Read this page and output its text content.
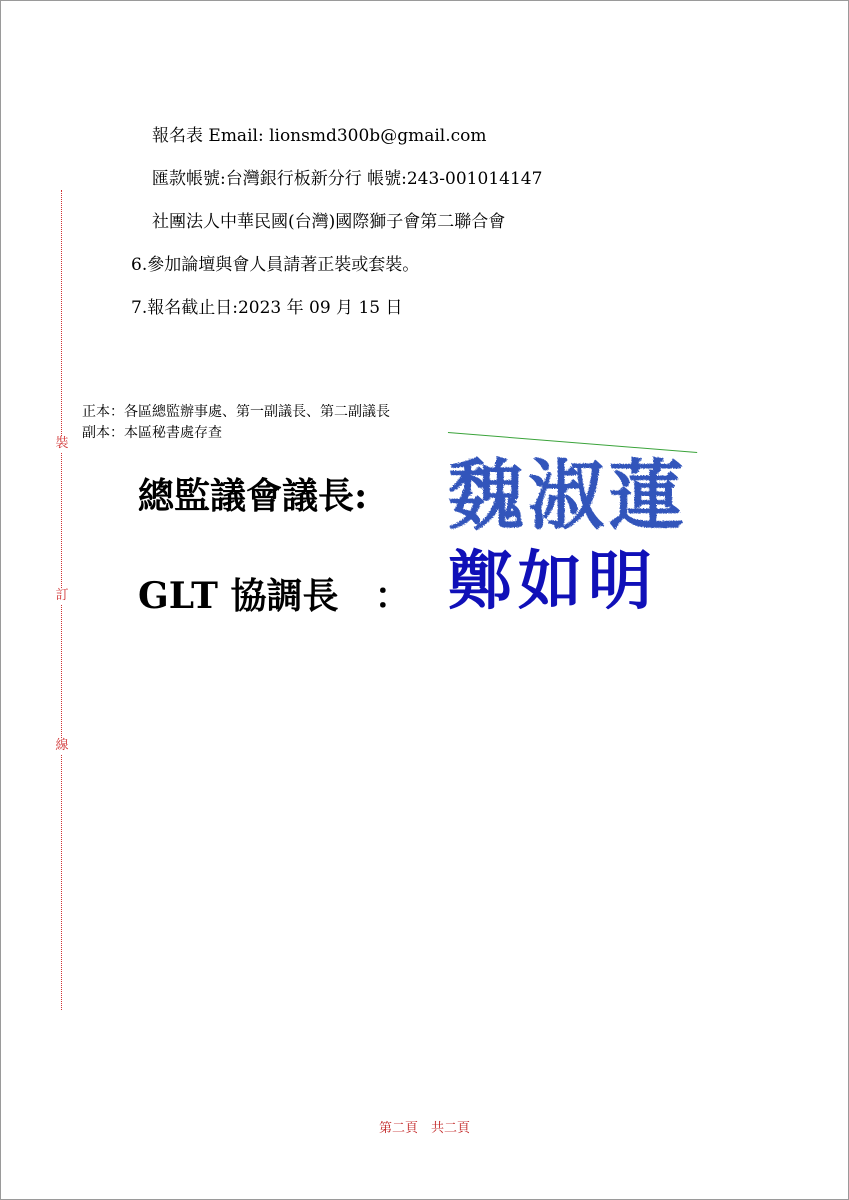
裝
訂
線
報名表 Email: lionsmd300b@gmail.com
匯款帳號:台灣銀行板新分行 帳號:243-001014147
社團法人中華民國(台灣)國際獅子會第二聯合會
6.參加論壇與會人員請著正裝或套裝。
7.報名截止日:2023 年 09 月 15 日
正本：各區總監辦事處、第一副議長、第二副議長
副本：本區秘書處存查
總監議會議長: 魏淑蓮
GLT 協調長　： 鄭如明
第二頁　共二頁
